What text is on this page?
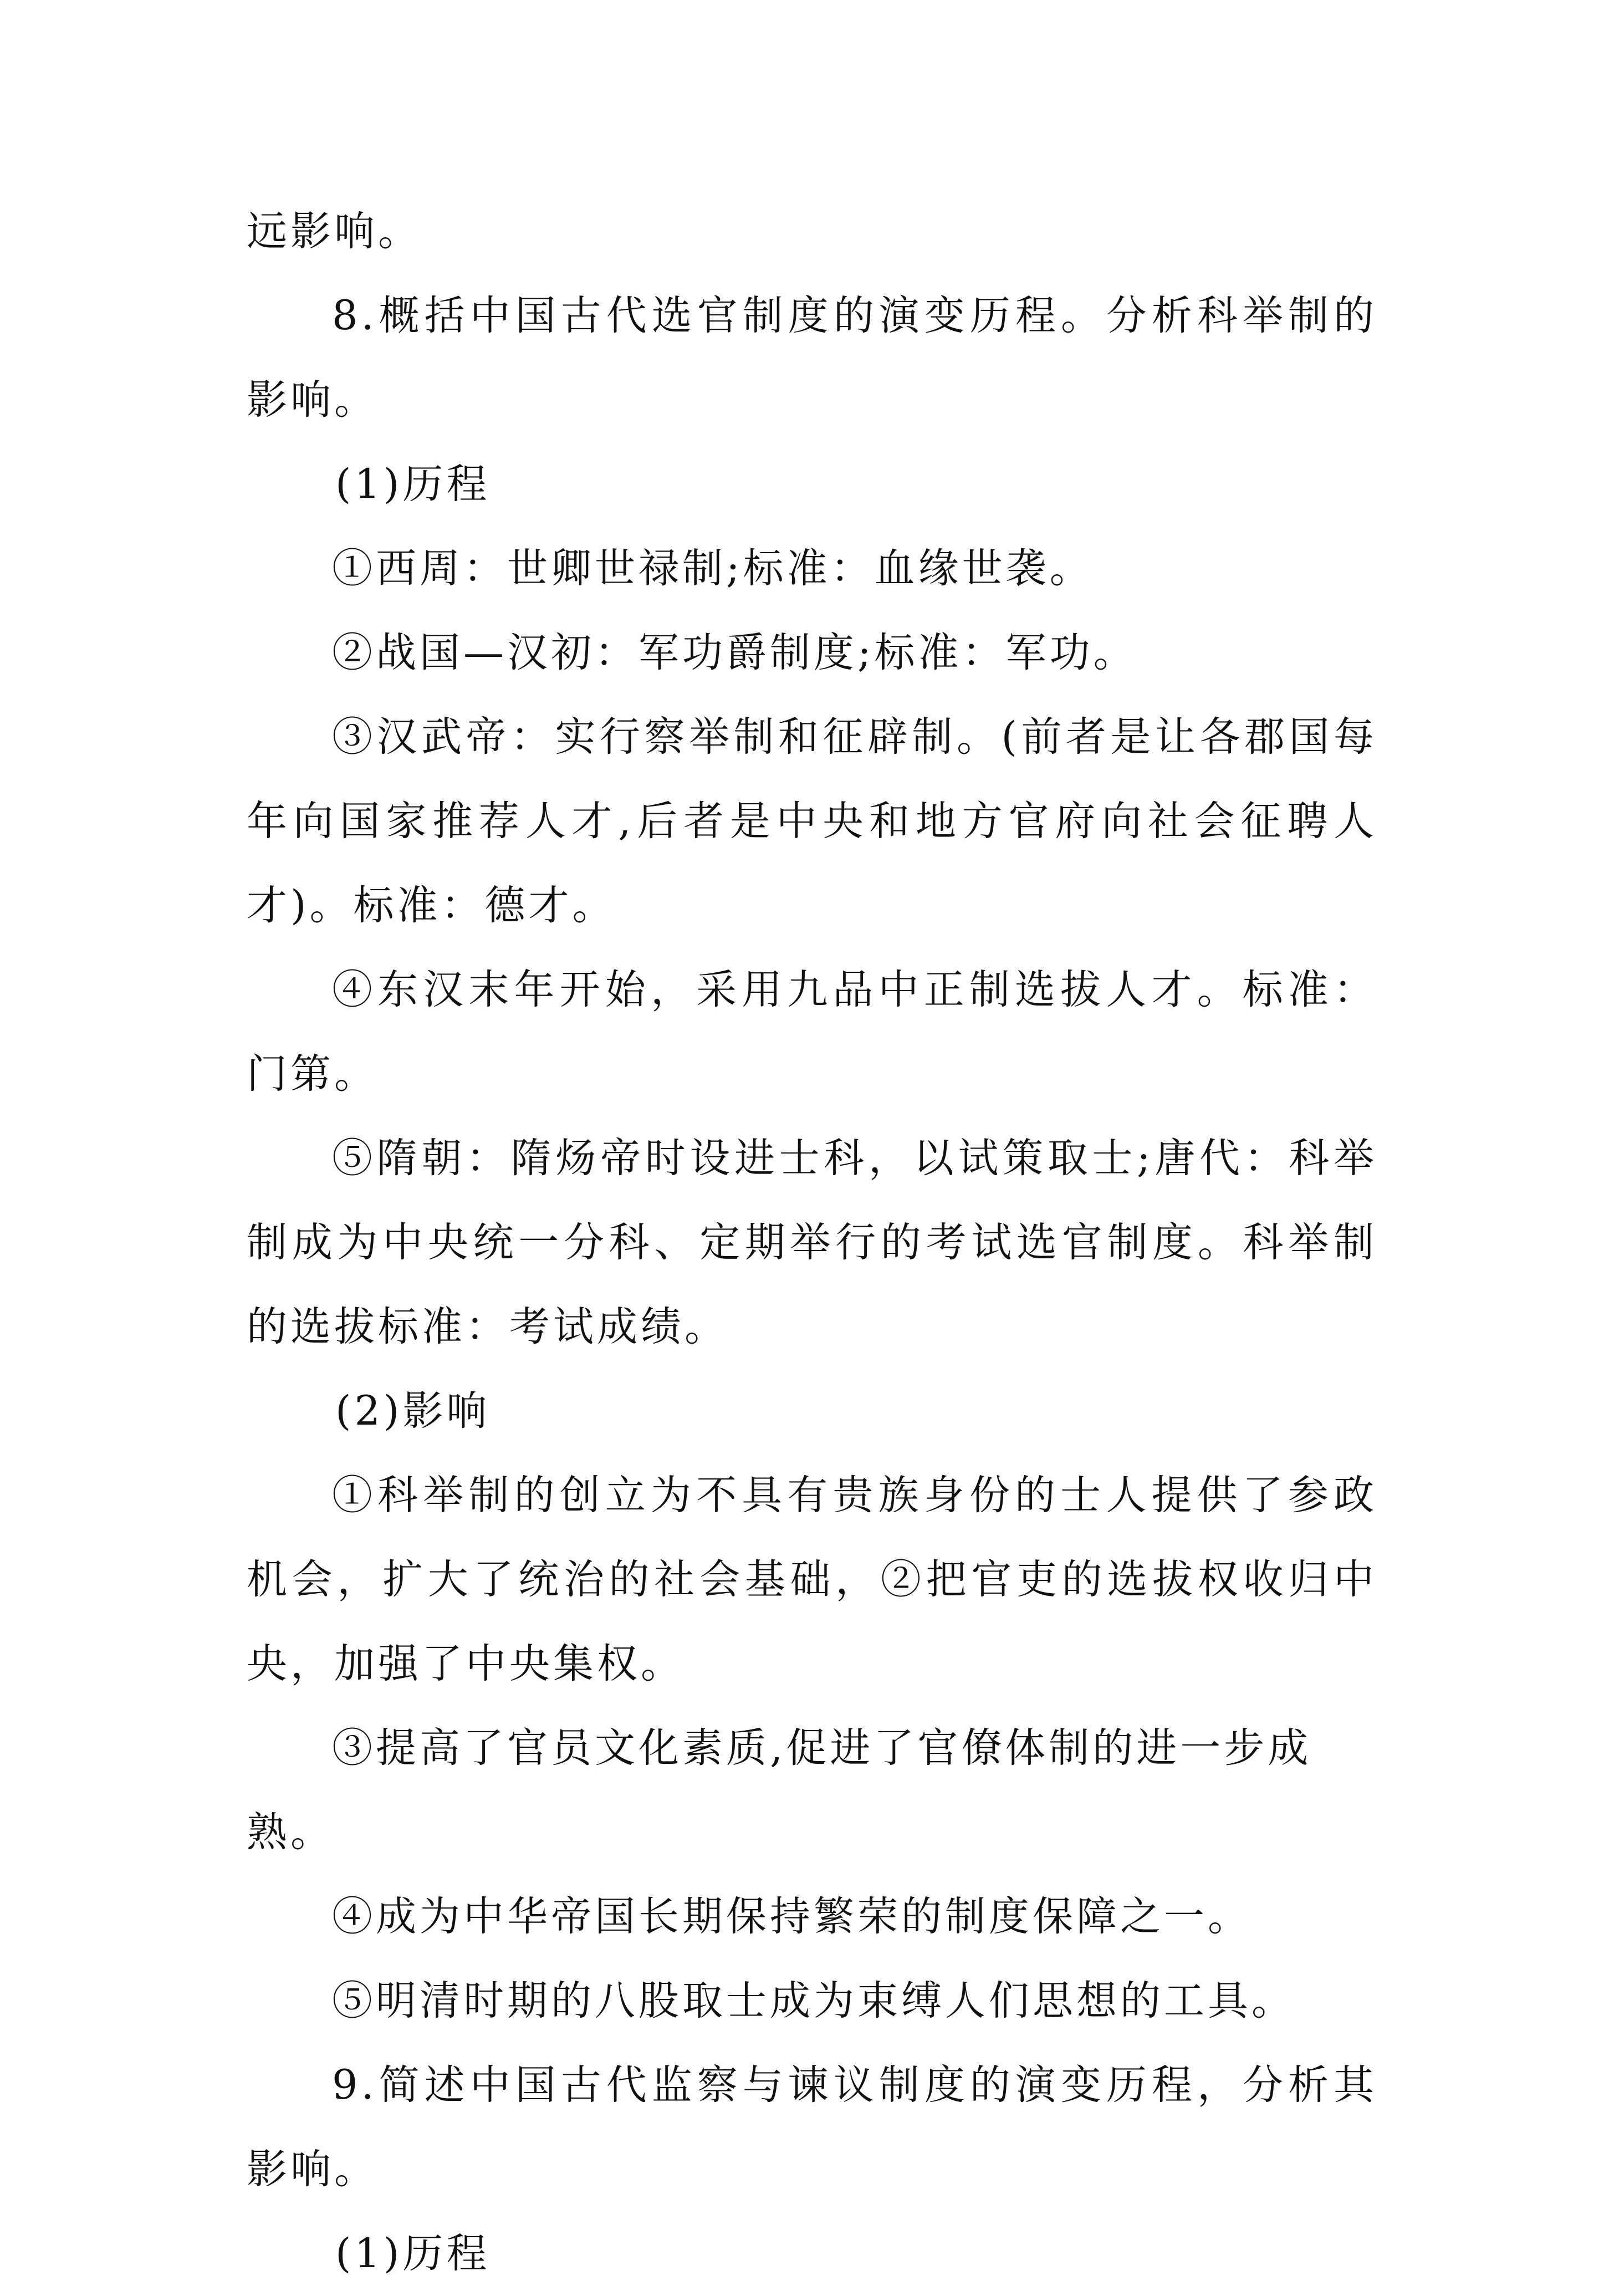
远影响。

8.概括中国古代选官制度的演变历程。分析科举制的影响。

(1)历程

①西周：世卿世禄制;标准：血缘世袭。

②战国—汉初：军功爵制度;标准：军功。

③汉武帝：实行察举制和征辟制。(前者是让各郡国每年向国家推荐人才,后者是中央和地方官府向社会征聘人才)。标准：德才。

④东汉末年开始，采用九品中正制选拔人才。标准：门第。

⑤隋朝：隋炀帝时设进士科，以试策取士;唐代：科举制成为中央统一分科、定期举行的考试选官制度。科举制的选拔标准：考试成绩。

(2)影响

①科举制的创立为不具有贵族身份的士人提供了参政机会，扩大了统治的社会基础，②把官吏的选拔权收归中央，加强了中央集权。

③提高了官员文化素质,促进了官僚体制的进一步成熟。

④成为中华帝国长期保持繁荣的制度保障之一。

⑤明清时期的八股取士成为束缚人们思想的工具。

9.简述中国古代监察与谏议制度的演变历程，分析其影响。

(1)历程
